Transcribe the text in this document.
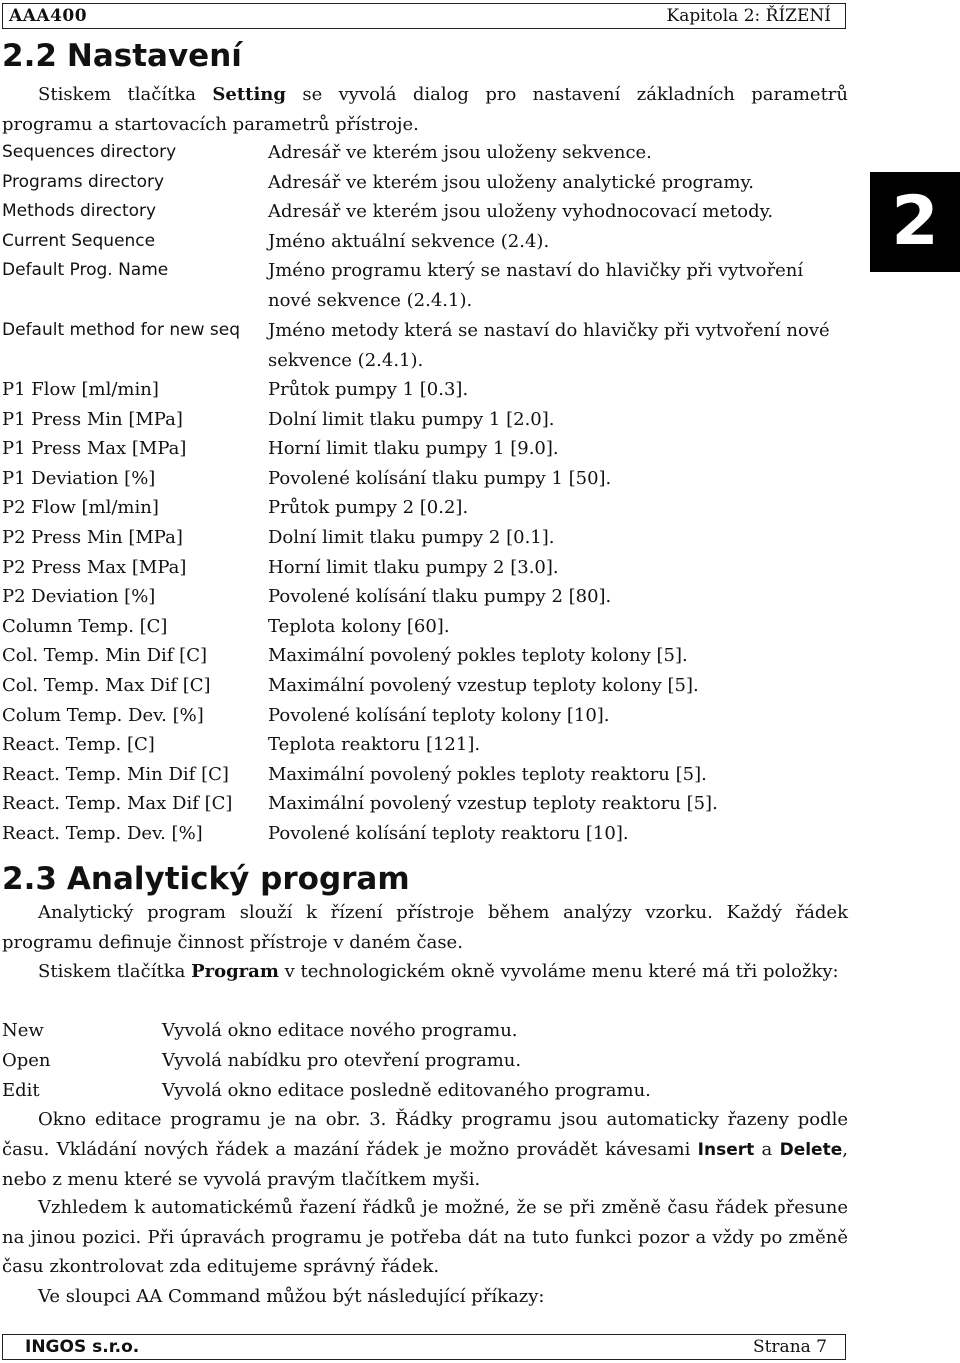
AAA400	Kapitola 2: ŘÍZENÍ
2
2.2 Nastavení

Stiskem tlačítka Setting se vyvolá dialog pro nastavení základních parametrů programu a startovacích parametrů přístroje.

Sequences directory	Adresář ve kterém jsou uloženy sekvence.
Programs directory	Adresář ve kterém jsou uloženy analytické programy.
Methods directory	Adresář ve kterém jsou uloženy vyhodnocovací metody.
Current Sequence	Jméno aktuální sekvence (2.4).
Default Prog. Name	Jméno programu který se nastaví do hlavičky při vytvoření nové sekvence (2.4.1).
Default method for new seq Jméno metody která se nastaví do hlavičky při vytvoření nové sekvence (2.4.1).
P1 Flow [ml/min]	Průtok pumpy 1 [0.3].
P1 Press Min [MPa]	Dolní limit tlaku pumpy 1 [2.0].
P1 Press Max [MPa]	Horní limit tlaku pumpy 1 [9.0].
P1 Deviation [%]	Povolené kolísání tlaku pumpy 1 [50].
P2 Flow [ml/min]	Průtok pumpy 2 [0.2].
P2 Press Min [MPa]	Dolní limit tlaku pumpy 2 [0.1].
P2 Press Max [MPa]	Horní limit tlaku pumpy 2 [3.0].
P2 Deviation [%]	Povolené kolísání tlaku pumpy 2 [80].
Column Temp. [C]	Teplota kolony [60].
Col. Temp. Min Dif [C]	Maximální povolený pokles teploty kolony [5].
Col. Temp. Max Dif [C]	Maximální povolený vzestup teploty kolony [5].
Colum Temp. Dev. [%]	Povolené kolísání teploty kolony [10].
React. Temp. [C]	Teplota reaktoru [121].
React. Temp. Min Dif [C] Maximální povolený pokles teploty reaktoru [5].
React. Temp. Max Dif [C] Maximální povolený vzestup teploty reaktoru [5].
React. Temp. Dev. [%]	Povolené kolísání teploty reaktoru [10].
2.3 Analytický program

Analytický program slouží k řízení přístroje během analýzy vzorku. Každý řádek programu definuje činnost přístroje v daném čase.

Stiskem tlačítka Program v technologickém okně vyvoláme menu které má tři položky:

New	Vyvolá okno editace nového programu.
Open	Vyvolá nabídku pro otevření programu.
Edit	Vyvolá okno editace posledně editovaného programu.

Okno editace programu je na obr. 3. Řádky programu jsou automaticky řazeny podle času. Vkládání nových řádek a mazání řádek je možno provádět kávesami Insert a Delete, nebo z menu které se vyvolá pravým tlačítkem myši.

Vzhledem k automatickémů řazení řádků je možné, že se při změně času řádek přesune na jinou pozici. Při úpravách programu je potřeba dát na tuto funkci pozor a vždy po změně času zkontrolovat zda editujeme správný řádek.

Ve sloupci AA Command můžou být následující příkazy:

INGOS s.r.o.	Strana 7
